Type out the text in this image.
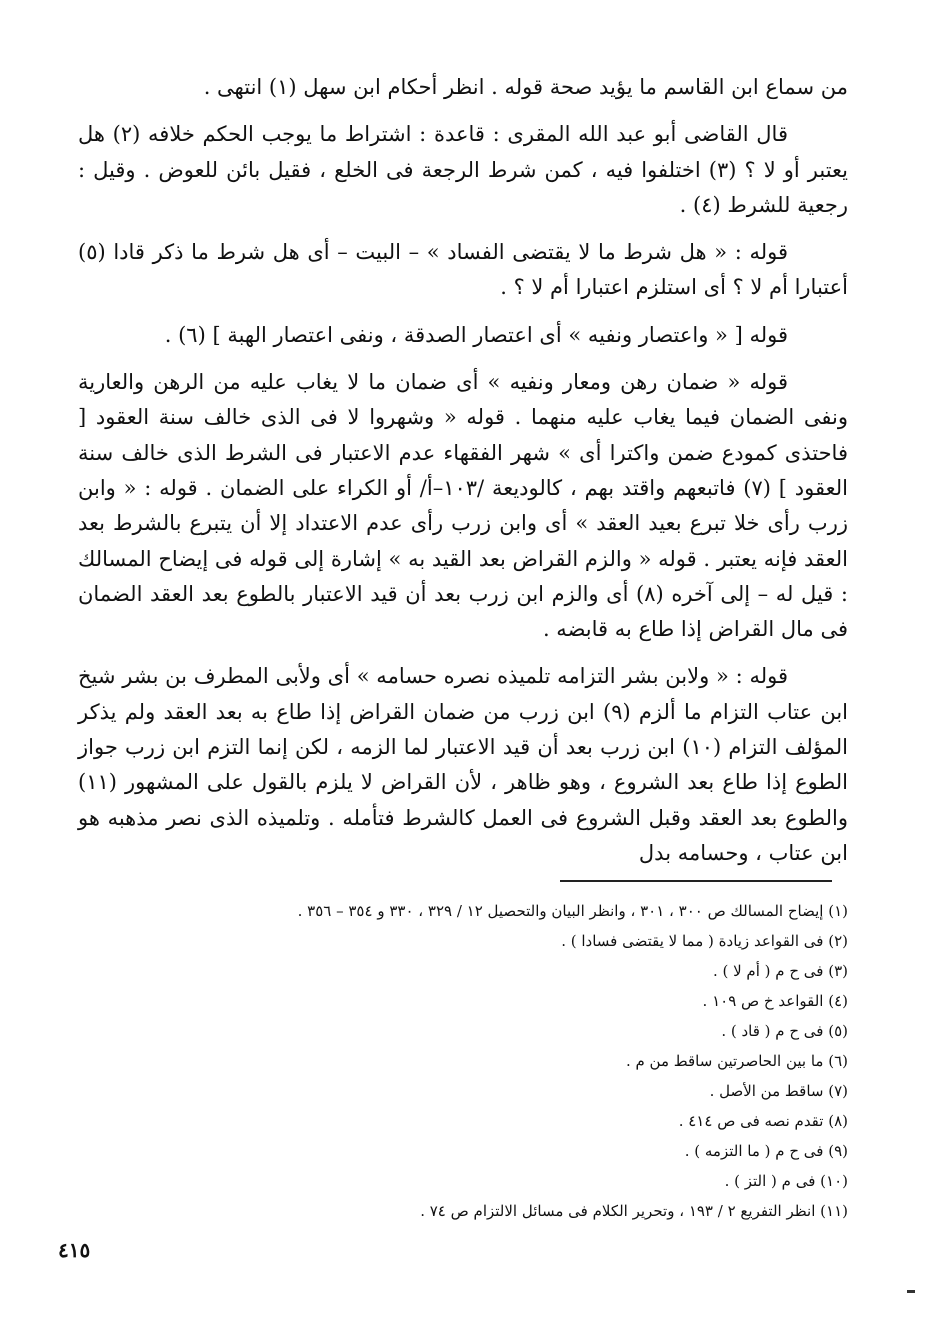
من سماع ابن القاسم ما يؤيد صحة قوله . انظر أحكام ابن سهل (١) انتهى .

قال القاضى أبو عبد الله المقرى : قاعدة : اشتراط ما يوجب الحكم خلافه (٢) هل يعتبر أو لا ؟ (٣) اختلفوا فيه ، كمن شرط الرجعة فى الخلع ، فقيل بائن للعوض . وقيل : رجعية للشرط (٤) .

قوله : « هل شرط ما لا يقتضى الفساد » – البيت – أى هل شرط ما ذكر قادا (٥) أعتبارا أم لا ؟ أى استلزم اعتبارا أم لا ؟ .

قوله [ « واعتصار ونفيه » أى اعتصار الصدقة ، ونفى اعتصار الهبة ] (٦) .

قوله « ضمان رهن ومعار ونفيه » أى ضمان ما لا يغاب عليه من الرهن والعارية ونفى الضمان فيما يغاب عليه منهما . قوله « وشهروا لا فى الذى خالف سنة العقود [ فاحتذى كمودع ضمن واكترا أى » شهر الفقهاء عدم الاعتبار فى الشرط الذى خالف سنة العقود ] (٧) فاتبعهم واقتد بهم ، كالوديعة /١٠٣–أ/ أو الكراء على الضمان . قوله : « وابن زرب رأى خلا تبرع بعيد العقد » أى وابن زرب رأى عدم الاعتداد إلا أن يتبرع بالشرط بعد العقد فإنه يعتبر . قوله « والزم القراض بعد القيد به » إشارة إلى قوله فى إيضاح المسالك : قيل له – إلى آخره (٨) أى والزم ابن زرب بعد أن قيد الاعتبار بالطوع بعد العقد الضمان فى مال القراض إذا طاع به قابضه .

قوله : « ولابن بشر التزامه تلميذه نصره حسامه » أى ولأبى المطرف بن بشر شيخ ابن عتاب التزام ما ألزم (٩) ابن زرب من ضمان القراض إذا طاع به بعد العقد ولم يذكر المؤلف التزام (١٠) ابن زرب بعد أن قيد الاعتبار لما الزمه ، لكن إنما التزم ابن زرب جواز الطوع إذا طاع بعد الشروع ، وهو ظاهر ، لأن القراض لا يلزم بالقول على المشهور (١١) والطوع بعد العقد وقبل الشروع فى العمل كالشرط فتأمله . وتلميذه الذى نصر مذهبه هو ابن عتاب ، وحسامه بدل

(١) إيضاح المسالك ص ٣٠٠ ، ٣٠١ ، وانظر البيان والتحصيل ١٢ / ٣٢٩ ، ٣٣٠ و ٣٥٤ – ٣٥٦ .
(٢) فى القواعد زيادة ( مما لا يقتضى فسادا ) .
(٣) فى ح م ( أم لا ) .
(٤) القواعد خ ص ١٠٩ .
(٥) فى ح م ( قاد ) .
(٦) ما بين الحاصرتين ساقط من م .
(٧) ساقط من الأصل .
(٨) تقدم نصه فى ص ٤١٤ .
(٩) فى ح م ( ما التزمه ) .
(١٠) فى م ( التز ) .
(١١) انظر التفريع ٢ / ١٩٣ ، وتحرير الكلام فى مسائل الالتزام ص ٧٤ .
٤١٥
